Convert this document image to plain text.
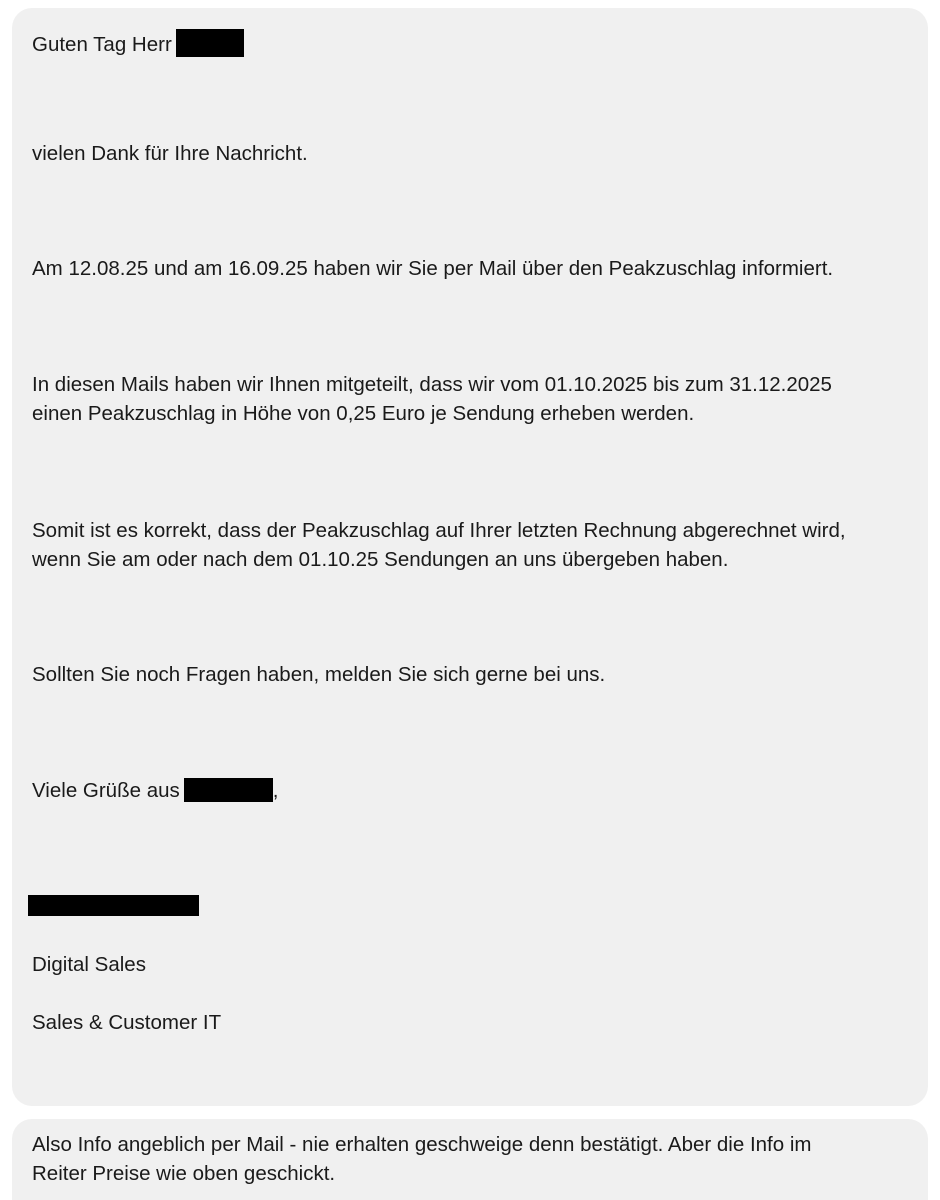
Guten Tag Herr
vielen Dank für Ihre Nachricht.
Am 12.08.25 und am 16.09.25 haben wir Sie per Mail über den Peakzuschlag informiert.
In diesen Mails haben wir Ihnen mitgeteilt, dass wir vom 01.10.2025 bis zum 31.12.2025
einen Peakzuschlag in Höhe von 0,25 Euro je Sendung erheben werden.
Somit ist es korrekt, dass der Peakzuschlag auf Ihrer letzten Rechnung abgerechnet wird,
wenn Sie am oder nach dem 01.10.25 Sendungen an uns übergeben haben.
Sollten Sie noch Fragen haben, melden Sie sich gerne bei uns.
Viele Grüße aus	,
Digital Sales
Sales & Customer IT
Also Info angeblich per Mail - nie erhalten geschweige denn bestätigt. Aber die Info im
Reiter Preise wie oben geschickt.
